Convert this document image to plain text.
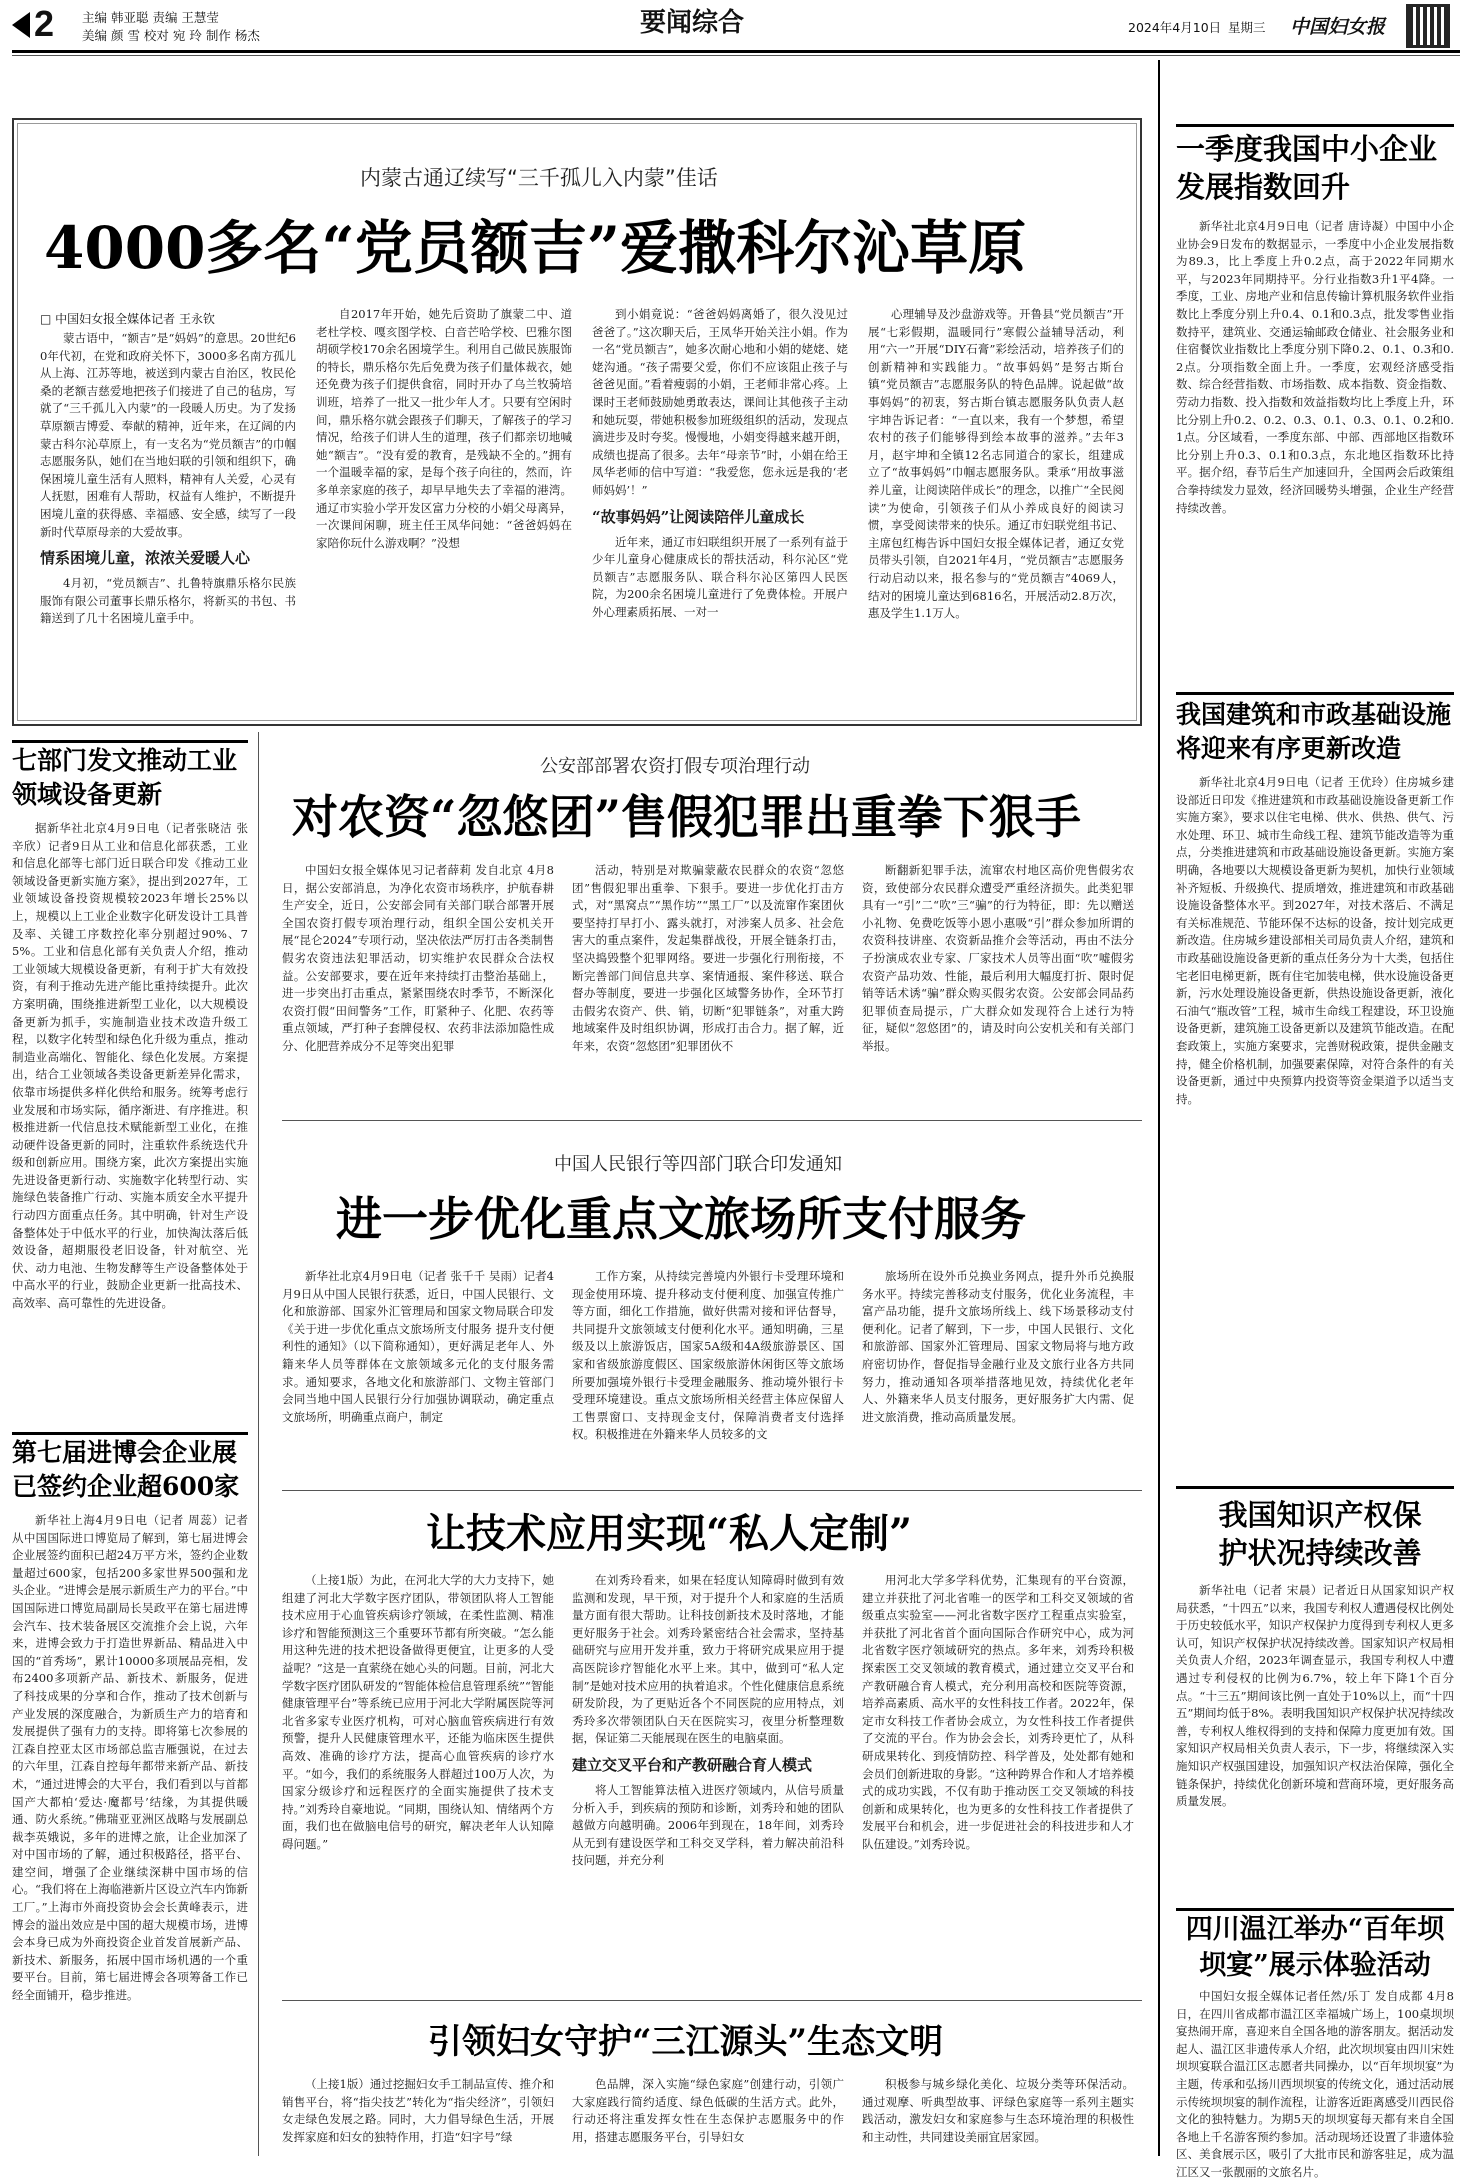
2 主编 韩亚聪 责编 王慧莹
美编 颜 雪 校对 宛 玲 制作 杨杰	要闻综合	2024年4月10日 星期三 中国妇女报
内蒙古通辽续写“三千孤儿入内蒙”佳话
4000多名“党员额吉”爱撒科尔沁草原
□ 中国妇女报全媒体记者 王永钦

蒙古语中，“额吉”是“妈妈”的意思。20世纪60年代初，在党和政府关怀下，3000多名南方孤儿从上海、江苏等地，被送到内蒙古自治区，牧民伦桑的老额吉慈爱地把孩子们接进了自己的毡房，写就了“三千孤儿入内蒙”的一段暖人历史。为了发扬草原额吉博爱、奉献的精神，近年来，在辽阔的内蒙古科尔沁草原上，有一支名为“党员额吉”的巾帼志愿服务队，她们在当地妇联的引领和组织下，确保困境儿童生活有人照料，精神有人关爱，心灵有人抚慰，困难有人帮助，权益有人维护，不断提升困境儿童的获得感、幸福感、安全感，续写了一段新时代草原母亲的大爱故事。

情系困境儿童，浓浓关爱暖人心

4月初，“党员额吉”、扎鲁特旗鼎乐格尔民族服饰有限公司董事长鼎乐格尔，将新买的书包、书籍送到了几十名困境儿童手中。

自2017年开始，她先后资助了旗蒙二中、道老杜学校、嘎亥图学校、白音芒哈学校、巴雅尔图胡硕学校170余名困境学生。利用自己做民族服饰的特长，鼎乐格尔先后免费为孩子们量体裁衣，她还免费为孩子们提供食宿，同时开办了乌兰牧骑培训班，培养了一批又一批少年人才。只要有空闲时间，鼎乐格尔就会跟孩子们聊天，了解孩子的学习情况，给孩子们讲人生的道理，孩子们都亲切地喊她“额吉”。“没有爱的教育，是残缺不全的。”拥有一个温暖幸福的家，是每个孩子向往的，然而，许多单亲家庭的孩子，却早早地失去了幸福的港湾。通辽市实验小学开发区富力分校的小娟父母离异，一次课间闲聊，班主任王凤华问她：“爸爸妈妈在家陪你玩什么游戏啊？”没想

到小娟竟说：“爸爸妈妈离婚了，很久没见过爸爸了。”这次聊天后，王凤华开始关注小娟。作为一名“党员额吉”，她多次耐心地和小娟的姥姥、姥姥沟通。“孩子需要父爱，你们不应该阻止孩子与爸爸见面。”看着瘦弱的小娟，王老师非常心疼。上课时王老师鼓励她勇敢表达，课间让其他孩子主动和她玩耍，带她积极参加班级组织的活动，发现点滴进步及时夸奖。慢慢地，小娟变得越来越开朗，成绩也提高了很多。去年“母亲节”时，小娟在给王凤华老师的信中写道：“我爱您，您永远是我的‘老师妈妈’！”

“故事妈妈”让阅读陪伴儿童成长

近年来，通辽市妇联组织开展了一系列有益于少年儿童身心健康成长的帮扶活动，科尔沁区“党员额吉”志愿服务队、联合科尔沁区第四人民医院，为200余名困境儿童进行了免费体检。开展户外心理素质拓展、一对一

心理辅导及沙盘游戏等。开鲁县“党员额吉”开展“七彩假期，温暖同行”寒假公益辅导活动，利用“六一”开展“DIY石膏”彩绘活动，培养孩子们的创新精神和实践能力。“故事妈妈”是努古斯台镇“党员额吉”志愿服务队的特色品牌。说起做“故事妈妈”的初衷，努古斯台镇志愿服务队负责人赵宇坤告诉记者：“一直以来，我有一个梦想，希望农村的孩子们能够得到绘本故事的滋养。”去年3月，赵宇坤和全镇12名志同道合的家长，组建成立了“故事妈妈”巾帼志愿服务队。秉承“用故事滋养儿童，让阅读陪伴成长”的理念，以推广“全民阅读”为使命，引领孩子们从小养成良好的阅读习惯，享受阅读带来的快乐。通辽市妇联党组书记、主席包红梅告诉中国妇女报全媒体记者，通辽女党员带头引领，自2021年4月，“党员额吉”志愿服务行动启动以来，报名参与的“党员额吉”4069人，结对的困境儿童达到6816名，开展活动2.8万次，惠及学生1.1万人。
一季度我国中小企业发展指数回升
新华社北京4月9日电（记者 唐诗凝）中国中小企业协会9日发布的数据显示，一季度中小企业发展指数为89.3，比上季度上升0.2点，高于2022年同期水平，与2023年同期持平。分行业指数3升1平4降。一季度，工业、房地产业和信息传输计算机服务软件业指数比上季度分别上升0.4、0.1和0.3点，批发零售业指数持平，建筑业、交通运输邮政仓储业、社会服务业和住宿餐饮业指数比上季度分别下降0.2、0.1、0.3和0.2点。分项指数全面上升。一季度，宏观经济感受指数、综合经营指数、市场指数、成本指数、资金指数、劳动力指数、投入指数和效益指数均比上季度上升，环比分别上升0.2、0.2、0.3、0.1、0.3、0.1、0.2和0.1点。分区域看，一季度东部、中部、西部地区指数环比分别上升0.3、0.1和0.3点，东北地区指数环比持平。据介绍，春节后生产加速回升，全国两会后政策组合拳持续发力显效，经济回暖势头增强，企业生产经营持续改善。
我国建筑和市政基础设施将迎来有序更新改造
新华社北京4月9日电（记者 王优玲）住房城乡建设部近日印发《推进建筑和市政基础设施设备更新工作实施方案》，要求以住宅电梯、供水、供热、供气、污水处理、环卫、城市生命线工程、建筑节能改造等为重点，分类推进建筑和市政基础设施设备更新。实施方案明确，各地要以大规模设备更新为契机，加快行业领域补齐短板、升级换代、提质增效，推进建筑和市政基础设施设备整体水平。到2027年，对技术落后、不满足有关标准规范、节能环保不达标的设备，按计划完成更新改造。住房城乡建设部相关司局负责人介绍，建筑和市政基础设施设备更新的重点任务分为十大类，包括住宅老旧电梯更新，既有住宅加装电梯，供水设施设备更新，污水处理设施设备更新，供热设施设备更新，液化石油气“瓶改管”工程，城市生命线工程建设，环卫设施设备更新，建筑施工设备更新以及建筑节能改造。在配套政策上，实施方案要求，完善财税政策，提供金融支持，健全价格机制，加强要素保障，对符合条件的有关设备更新，通过中央预算内投资等资金渠道予以适当支持。
我国知识产权保护状况持续改善
新华社电（记者 宋晨）记者近日从国家知识产权局获悉，“十四五”以来，我国专利权人遭遇侵权比例处于历史较低水平，知识产权保护力度得到专利权人更多认可，知识产权保护状况持续改善。国家知识产权局相关负责人介绍，2023年调查显示，我国专利权人中遭遇过专利侵权的比例为6.7%，较上年下降1个百分点。“十三五”期间该比例一直处于10%以上，而“十四五”期间均低于8%。表明我国知识产权保护状况持续改善，专利权人维权得到的支持和保障力度更加有效。国家知识产权局相关负责人表示，下一步，将继续深入实施知识产权强国建设，加强知识产权法治保障，强化全链条保护，持续优化创新环境和营商环境，更好服务高质量发展。
四川温江举办“百年坝坝宴”展示体验活动
中国妇女报全媒体记者任然/乐丁 发自成都 4月8日，在四川省成都市温江区幸福城广场上，100桌坝坝宴热闹开席，喜迎来自全国各地的游客朋友。据活动发起人、温江区非遗传承人介绍，此次坝坝宴由四川宋姓坝坝宴联合温江区志愿者共同操办，以“百年坝坝宴”为主题，传承和弘扬川西坝坝宴的传统文化，通过活动展示传统坝坝宴的制作流程，让游客近距离感受川西民俗文化的独特魅力。为期5天的坝坝宴每天都有来自全国各地上千名游客预约参加。活动现场还设置了非遗体验区、美食展示区，吸引了大批市民和游客驻足，成为温江区又一张靓丽的文旅名片。
七部门发文推动工业领域设备更新
据新华社北京4月9日电（记者张晓洁 张辛欣）记者9日从工业和信息化部获悉，工业和信息化部等七部门近日联合印发《推动工业领域设备更新实施方案》，提出到2027年，工业领域设备投资规模较2023年增长25%以上，规模以上工业企业数字化研发设计工具普及率、关键工序数控化率分别超过90%、75%。工业和信息化部有关负责人介绍，推动工业领域大规模设备更新，有利于扩大有效投资，有利于推动先进产能比重持续提升。此次方案明确，围绕推进新型工业化，以大规模设备更新为抓手，实施制造业技术改造升级工程，以数字化转型和绿色化升级为重点，推动制造业高端化、智能化、绿色化发展。方案提出，结合工业领域各类设备更新差异化需求，依靠市场提供多样化供给和服务。统筹考虑行业发展和市场实际，循序渐进、有序推进。积极推进新一代信息技术赋能新型工业化，在推动硬件设备更新的同时，注重软件系统迭代升级和创新应用。围绕方案，此次方案提出实施先进设备更新行动、实施数字化转型行动、实施绿色装备推广行动、实施本质安全水平提升行动四方面重点任务。其中明确，针对生产设备整体处于中低水平的行业，加快淘汰落后低效设备，超期服役老旧设备，针对航空、光伏、动力电池、生物发酵等生产设备整体处于中高水平的行业，鼓励企业更新一批高技术、高效率、高可靠性的先进设备。
第七届进博会企业展已签约企业超600家
新华社上海4月9日电（记者 周蕊）记者从中国国际进口博览局了解到，第七届进博会企业展签约面积已超24万平方米，签约企业数量超过600家，包括200多家世界500强和龙头企业。“进博会是展示新质生产力的平台。”中国国际进口博览局副局长吴政平在第七届进博会汽车、技术装备展区交流推介会上说，六年来，进博会致力于打造世界新品、精品进入中国的“首秀场”，累计10000多项展品亮相，发布2400多项新产品、新技术、新服务，促进了科技成果的分享和合作，推动了技术创新与产业发展的深度融合，为新质生产力的培育和发展提供了强有力的支持。即将第七次参展的江森自控亚太区市场部总监吉雁强说，在过去的六年里，江森自控每年都带来新产品、新技术，“通过进博会的大平台，我们看到以与首都国产大都柏‘爱达·魔都号’结缘，为其提供暖通、防火系统。”佛瑞亚亚洲区战略与发展副总裁李英娥说，多年的进博之旅，让企业加深了对中国市场的了解，通过积极路径，搭平台、建空间，增强了企业继续深耕中国市场的信心。“我们将在上海临港新片区设立汽车内饰新工厂。”上海市外商投资协会会长黄峰表示，进博会的溢出效应是中国的超大规模市场，进博会本身已成为外商投资企业首发首展新产品、新技术、新服务，拓展中国市场机遇的一个重要平台。目前，第七届进博会各项筹备工作已经全面铺开，稳步推进。
公安部部署农资打假专项治理行动
对农资“忽悠团”售假犯罪出重拳下狠手
中国妇女报全媒体见习记者薛莉 发自北京 4月8日，据公安部消息，为净化农资市场秩序，护航春耕生产安全，近日，公安部会同有关部门联合部署开展全国农资打假专项治理行动，组织全国公安机关开展“昆仑2024”专项行动，坚决依法严厉打击各类制售假劣农资违法犯罪活动，切实维护农民群众合法权益。公安部要求，要在近年来持续打击整治基础上，进一步突出打击重点，紧紧围绕农时季节，不断深化农资打假“田间警务”工作，盯紧种子、化肥、农药等重点领域，严打种子套牌侵权、农药非法添加隐性成分、化肥营养成分不足等突出犯罪
活动，特别是对欺骗蒙蔽农民群众的农资“忽悠团”售假犯罪出重拳、下狠手。要进一步优化打击方式，对“黑窝点”“黑作坊”“黑工厂”以及流窜作案团伙要坚持打早打小、露头就打，对涉案人员多、社会危害大的重点案件，发起集群战役，开展全链条打击，坚决捣毁整个犯罪网络。要进一步强化行刑衔接，不断完善部门间信息共享、案情通报、案件移送、联合督办等制度，要进一步强化区域警务协作，全环节打击假劣农资产、供、销，切断“犯罪链条”，对重大跨地域案件及时组织协调，形成打击合力。据了解，近年来，农资“忽悠团”犯罪团伙不
断翻新犯罪手法，流窜农村地区高价兜售假劣农资，致使部分农民群众遭受严重经济损失。此类犯罪具有一“引”二“吹”三“骗”的行为特征，即：先以赠送小礼物、免费吃饭等小恩小惠吸“引”群众参加所谓的农资科技讲座、农资新品推介会等活动，再由不法分子扮演成农业专家、厂家技术人员等出面“吹”嘘假劣农资产品功效、性能，最后利用大幅度打折、限时促销等话术诱“骗”群众购买假劣农资。公安部会同品药犯罪侦查局提示，广大群众如发现符合上述行为特征，疑似“忽悠团”的，请及时向公安机关和有关部门举报。
中国人民银行等四部门联合印发通知
进一步优化重点文旅场所支付服务
新华社北京4月9日电（记者 张千千 吴雨）记者4月9日从中国人民银行获悉，近日，中国人民银行、文化和旅游部、国家外汇管理局和国家文物局联合印发《关于进一步优化重点文旅场所支付服务 提升支付便利性的通知》（以下简称通知），更好满足老年人、外籍来华人员等群体在文旅领域多元化的支付服务需求。通知要求，各地文化和旅游部门、文物主管部门会同当地中国人民银行分行加强协调联动，确定重点文旅场所，明确重点商户，制定
工作方案，从持续完善境内外银行卡受理环境和现金使用环境、提升移动支付便利度、加强宣传推广等方面，细化工作措施，做好供需对接和评估督导，共同提升文旅领域支付便利化水平。通知明确，三星级及以上旅游饭店，国家5A级和4A级旅游景区、国家和省级旅游度假区、国家级旅游休闲街区等文旅场所要加强境外银行卡受理金融服务、推动境外银行卡受理环境建设。重点文旅场所相关经营主体应保留人工售票窗口、支持现金支付，保障消费者支付选择权。积极推进在外籍来华人员较多的文
旅场所在设外币兑换业务网点，提升外币兑换服务水平。持续完善移动支付服务，优化业务流程，丰富产品功能，提升文旅场所线上、线下场景移动支付便利化。记者了解到，下一步，中国人民银行、文化和旅游部、国家外汇管理局、国家文物局将与地方政府密切协作，督促指导金融行业及文旅行业各方共同努力，推动通知各项举措落地见效，持续优化老年人、外籍来华人员支付服务，更好服务扩大内需、促进文旅消费，推动高质量发展。
让技术应用实现“私人定制”
（上接1版）为此，在河北大学的大力支持下，她组建了河北大学数字医疗团队，带领团队将人工智能技术应用于心血管疾病诊疗领域，在柔性监测、精准诊疗和智能预测这三个重要环节都有所突破。“怎么能用这种先进的技术把设备做得更便宜，让更多的人受益呢？”这是一直萦绕在她心头的问题。目前，河北大学数字医疗团队研发的“智能体检信息管理系统”“智能健康管理平台”等系统已应用于河北大学附属医院等河北省多家专业医疗机构，可对心脑血管疾病进行有效预警，提升人民健康管理水平，还能为临床医生提供高效、准确的诊疗方法，提高心血管疾病的诊疗水平。“如今，我们的系统服务人群超过100万人次，为国家分级诊疗和远程医疗的全面实施提供了技术支持。”刘秀玲自豪地说。“同期，围绕认知、情绪两个方面，我们也在做脑电信号的研究，解决老年人认知障碍问题。”

在刘秀玲看来，如果在轻度认知障碍时做到有效监测和发现，早干预，对于提升个人和家庭的生活质量方面有很大帮助。让科技创新技术及时落地，才能更好服务于社会。刘秀玲紧密结合社会需求，坚持基础研究与应用开发并重，致力于将研究成果应用于提高医院诊疗智能化水平上来。其中，做到可“私人定制”是她对技术应用的执着追求。个性化健康信息系统研发阶段，为了更贴近各个不同医院的应用特点，刘秀玲多次带领团队白天在医院实习，夜里分析整理数据，保证第二天能展现在医生的电脑桌面。

建立交叉平台和产教研融合育人模式

将人工智能算法植入进医疗领域内，从信号质量分析入手，到疾病的预防和诊断，刘秀玲和她的团队越做方向越明确。2006年到现在，18年间，刘秀玲从无到有建设医学和工科交叉学科，着力解决前沿科技问题，并充分利

用河北大学多学科优势，汇集现有的平台资源，建立并获批了河北省唯一的医学和工科交叉领域的省级重点实验室——河北省数字医疗工程重点实验室，并获批了河北省首个面向国际合作研究中心，成为河北省数字医疗领域研究的热点。多年来，刘秀玲积极探索医工交叉领域的教育模式，通过建立交叉平台和产教研融合育人模式，充分利用高校和医院等资源，培养高素质、高水平的女性科技工作者。2022年，保定市女科技工作者协会成立，为女性科技工作者提供了交流的平台。作为协会会长，刘秀玲更忙了，从科研成果转化、到疫情防控、科学普及，处处都有她和会员们创新进取的身影。“这种跨界合作和人才培养模式的成功实践，不仅有助于推动医工交叉领域的科技创新和成果转化，也为更多的女性科技工作者提供了发展平台和机会，进一步促进社会的科技进步和人才队伍建设。”刘秀玲说。
引领妇女守护“三江源头”生态文明
（上接1版）通过挖掘妇女手工制品宣传、推介和销售平台，将“指尖技艺”转化为“指尖经济”，引领妇女走绿色发展之路。同时，大力倡导绿色生活，开展发挥家庭和妇女的独特作用，打造“妇字号”绿
色品牌，深入实施“绿色家庭”创建行动，引领广大家庭践行简约适度、绿色低碳的生活方式。此外，行动还将注重发挥女性在生态保护志愿服务中的作用，搭建志愿服务平台，引导妇女
积极参与城乡绿化美化、垃圾分类等环保活动。通过观摩、听典型故事、评绿色家庭等一系列主题实践活动，激发妇女和家庭参与生态环境治理的积极性和主动性，共同建设美丽宜居家园。
